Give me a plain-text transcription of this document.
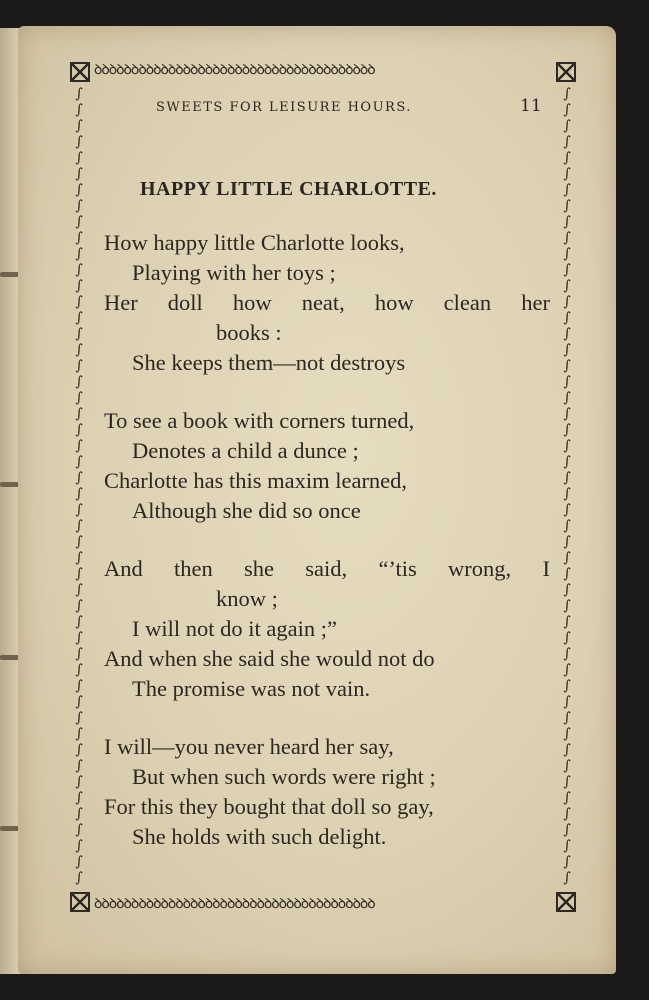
ꝺꝺꝺꝺꝺꝺꝺꝺꝺꝺꝺꝺꝺꝺꝺꝺꝺꝺꝺꝺꝺꝺꝺꝺꝺꝺꝺꝺꝺꝺꝺꝺꝺꝺꝺꝺꝺꝺ
ꝺꝺꝺꝺꝺꝺꝺꝺꝺꝺꝺꝺꝺꝺꝺꝺꝺꝺꝺꝺꝺꝺꝺꝺꝺꝺꝺꝺꝺꝺꝺꝺꝺꝺꝺꝺꝺꝺ
∫
∫
∫
∫
∫
∫
∫
∫
∫
∫
∫
∫
∫
∫
∫
∫
∫
∫
∫
∫
∫
∫
∫
∫
∫
∫
∫
∫
∫
∫
∫
∫
∫
∫
∫
∫
∫
∫
∫
∫
∫
∫
∫
∫
∫
∫
∫
∫
∫
∫
∫
∫
∫
∫
∫
∫
∫
∫
∫
∫
∫
∫
∫
∫
∫
∫
∫
∫
∫
∫
∫
∫
∫
∫
∫
∫
∫
∫
∫
∫
∫
∫
∫
∫
∫
∫
∫
∫
∫
∫
∫
∫
∫
∫
∫
∫
∫
∫
∫
∫
SWEETS FOR LEISURE HOURS.	11
HAPPY LITTLE CHARLOTTE.
How happy little Charlotte looks,
Playing with her toys ;
Her doll how neat, how clean her
books :
She keeps them—not destroys
To see a book with corners turned,
Denotes a child a dunce ;
Charlotte has this maxim learned,
Although she did so once
And then she said, “’tis wrong, I
know ;
I will not do it again ;”
And when she said she would not do
The promise was not vain.
I will—you never heard her say,
But when such words were right ;
For this they bought that doll so gay,
She holds with such delight.
